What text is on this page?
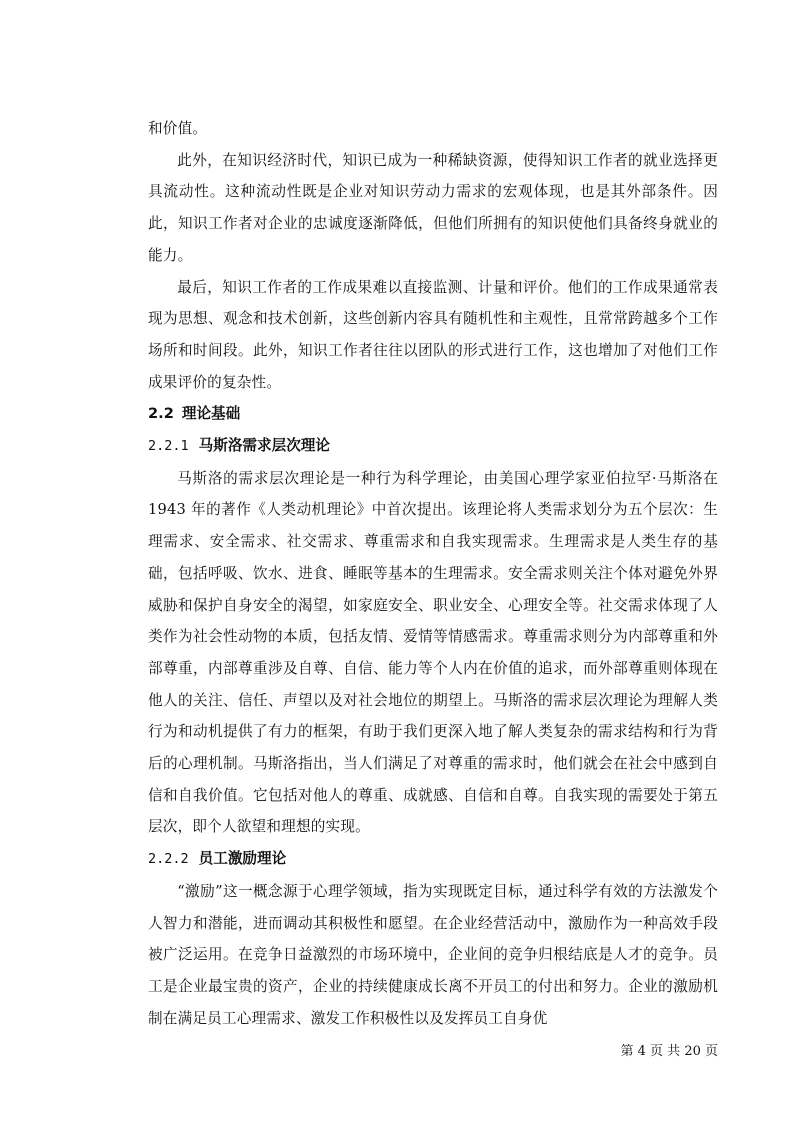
和价值。

此外，在知识经济时代，知识已成为一种稀缺资源，使得知识工作者的就业选择更具流动性。这种流动性既是企业对知识劳动力需求的宏观体现，也是其外部条件。因此，知识工作者对企业的忠诚度逐渐降低，但他们所拥有的知识使他们具备终身就业的能力。

最后，知识工作者的工作成果难以直接监测、计量和评价。他们的工作成果通常表现为思想、观念和技术创新，这些创新内容具有随机性和主观性，且常常跨越多个工作场所和时间段。此外，知识工作者往往以团队的形式进行工作，这也增加了对他们工作成果评价的复杂性。

2.2 理论基础
2.2.1 马斯洛需求层次理论

马斯洛的需求层次理论是一种行为科学理论，由美国心理学家亚伯拉罕·马斯洛在 1943 年的著作《人类动机理论》中首次提出。该理论将人类需求划分为五个层次：生理需求、安全需求、社交需求、尊重需求和自我实现需求。生理需求是人类生存的基础，包括呼吸、饮水、进食、睡眠等基本的生理需求。安全需求则关注个体对避免外界威胁和保护自身安全的渴望，如家庭安全、职业安全、心理安全等。社交需求体现了人类作为社会性动物的本质，包括友情、爱情等情感需求。尊重需求则分为内部尊重和外部尊重，内部尊重涉及自尊、自信、能力等个人内在价值的追求，而外部尊重则体现在他人的关注、信任、声望以及对社会地位的期望上。马斯洛的需求层次理论为理解人类行为和动机提供了有力的框架，有助于我们更深入地了解人类复杂的需求结构和行为背后的心理机制。马斯洛指出，当人们满足了对尊重的需求时，他们就会在社会中感到自信和自我价值。它包括对他人的尊重、成就感、自信和自尊。自我实现的需要处于第五层次，即个人欲望和理想的实现。

2.2.2 员工激励理论

“激励”这一概念源于心理学领域，指为实现既定目标，通过科学有效的方法激发个人智力和潜能，进而调动其积极性和愿望。在企业经营活动中，激励作为一种高效手段被广泛运用。在竞争日益激烈的市场环境中，企业间的竞争归根结底是人才的竞争。员工是企业最宝贵的资产，企业的持续健康成长离不开员工的付出和努力。企业的激励机制在满足员工心理需求、激发工作积极性以及发挥员工自身优

第 4 页 共 20 页
